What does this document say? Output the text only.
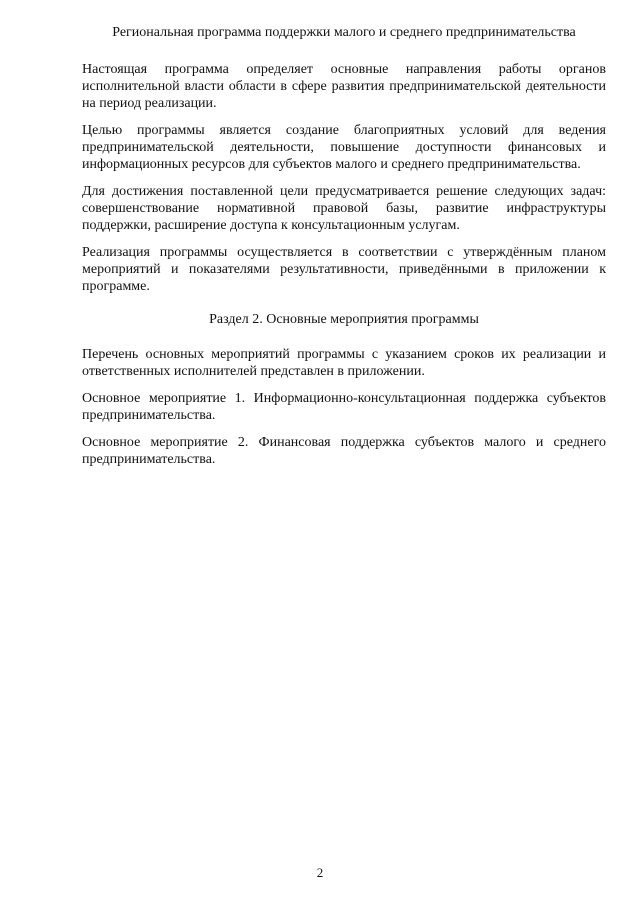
Региональная программа поддержки малого и среднего предпринимательства

Настоящая программа определяет основные направления работы органов исполнительной власти области в сфере развития предпринимательской деятельности на период реализации.

Целью программы является создание благоприятных условий для ведения предпринимательской деятельности, повышение доступности финансовых и информационных ресурсов для субъектов малого и среднего предпринимательства.

Для достижения поставленной цели предусматривается решение следующих задач: совершенствование нормативной правовой базы, развитие инфраструктуры поддержки, расширение доступа к консультационным услугам.

Реализация программы осуществляется в соответствии с утверждённым планом мероприятий и показателями результативности, приведёнными в приложении к программе.

Раздел 2. Основные мероприятия программы

Перечень основных мероприятий программы с указанием сроков их реализации и ответственных исполнителей представлен в приложении.

Основное мероприятие 1. Информационно-консультационная поддержка субъектов предпринимательства.

Основное мероприятие 2. Финансовая поддержка субъектов малого и среднего предпринимательства.

2
